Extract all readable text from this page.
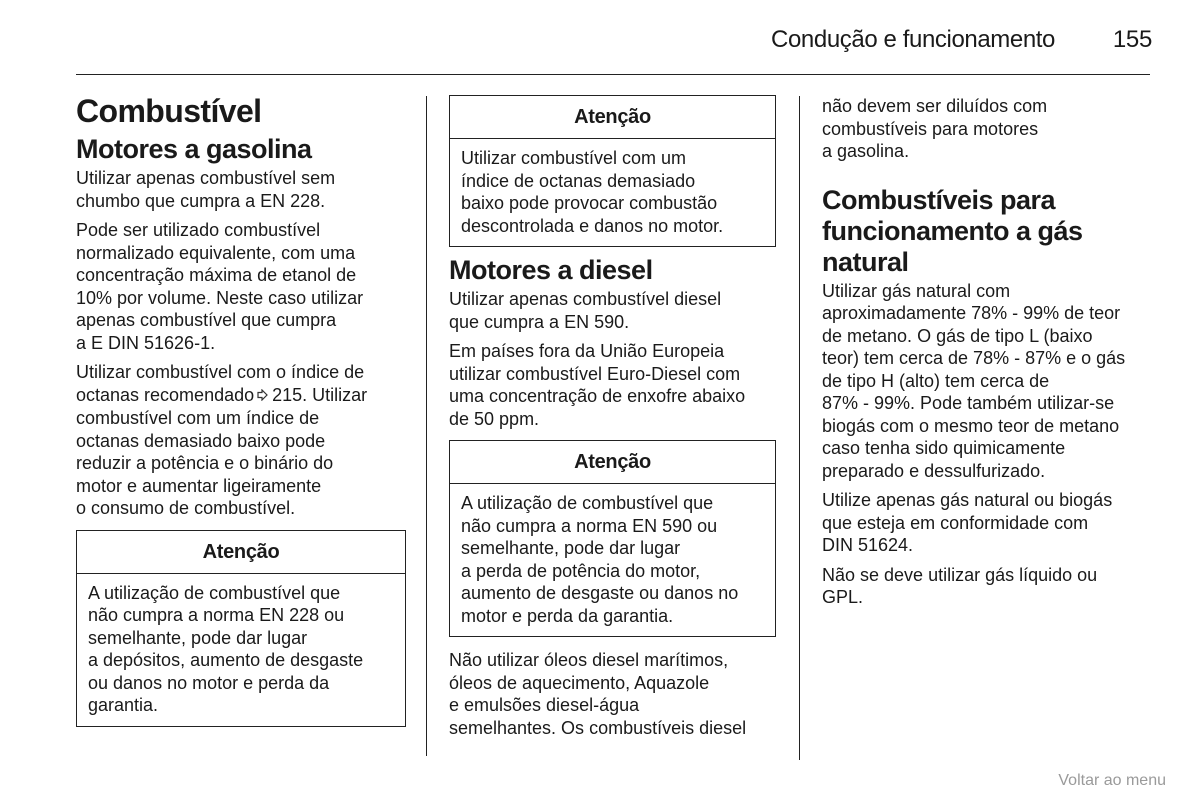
Condução e funcionamento	155
Combustível
Motores a gasolina

Utilizar apenas combustível sem
chumbo que cumpra a EN 228.

Pode ser utilizado combustível
normalizado equivalente, com uma
concentração máxima de etanol de
10% por volume. Neste caso utilizar
apenas combustível que cumpra
a E DIN 51626-1.

Utilizar combustível com o índice de
octanas recomendado 215. Utilizar
combustível com um índice de
octanas demasiado baixo pode
reduzir a potência e o binário do
motor e aumentar ligeiramente
o consumo de combustível.

Atenção
A utilização de combustível que
não cumpra a norma EN 228 ou
semelhante, pode dar lugar
a depósitos, aumento de desgaste
ou danos no motor e perda da
garantia.
Atenção
Utilizar combustível com um
índice de octanas demasiado
baixo pode provocar combustão
descontrolada e danos no motor.
Motores a diesel

Utilizar apenas combustível diesel
que cumpra a EN 590.

Em países fora da União Europeia
utilizar combustível Euro-Diesel com
uma concentração de enxofre abaixo
de 50 ppm.

Atenção
A utilização de combustível que
não cumpra a norma EN 590 ou
semelhante, pode dar lugar
a perda de potência do motor,
aumento de desgaste ou danos no
motor e perda da garantia.

Não utilizar óleos diesel marítimos,
óleos de aquecimento, Aquazole
e emulsões diesel-água
semelhantes. Os combustíveis diesel

não devem ser diluídos com
combustíveis para motores
a gasolina.

Combustíveis para
funcionamento a gás
natural

Utilizar gás natural com
aproximadamente 78% - 99% de teor
de metano. O gás de tipo L (baixo
teor) tem cerca de 78% - 87% e o gás
de tipo H (alto) tem cerca de
87% - 99%. Pode também utilizar-se
biogás com o mesmo teor de metano
caso tenha sido quimicamente
preparado e dessulfurizado.

Utilize apenas gás natural ou biogás
que esteja em conformidade com
DIN 51624.

Não se deve utilizar gás líquido ou
GPL.

Voltar ao menu
